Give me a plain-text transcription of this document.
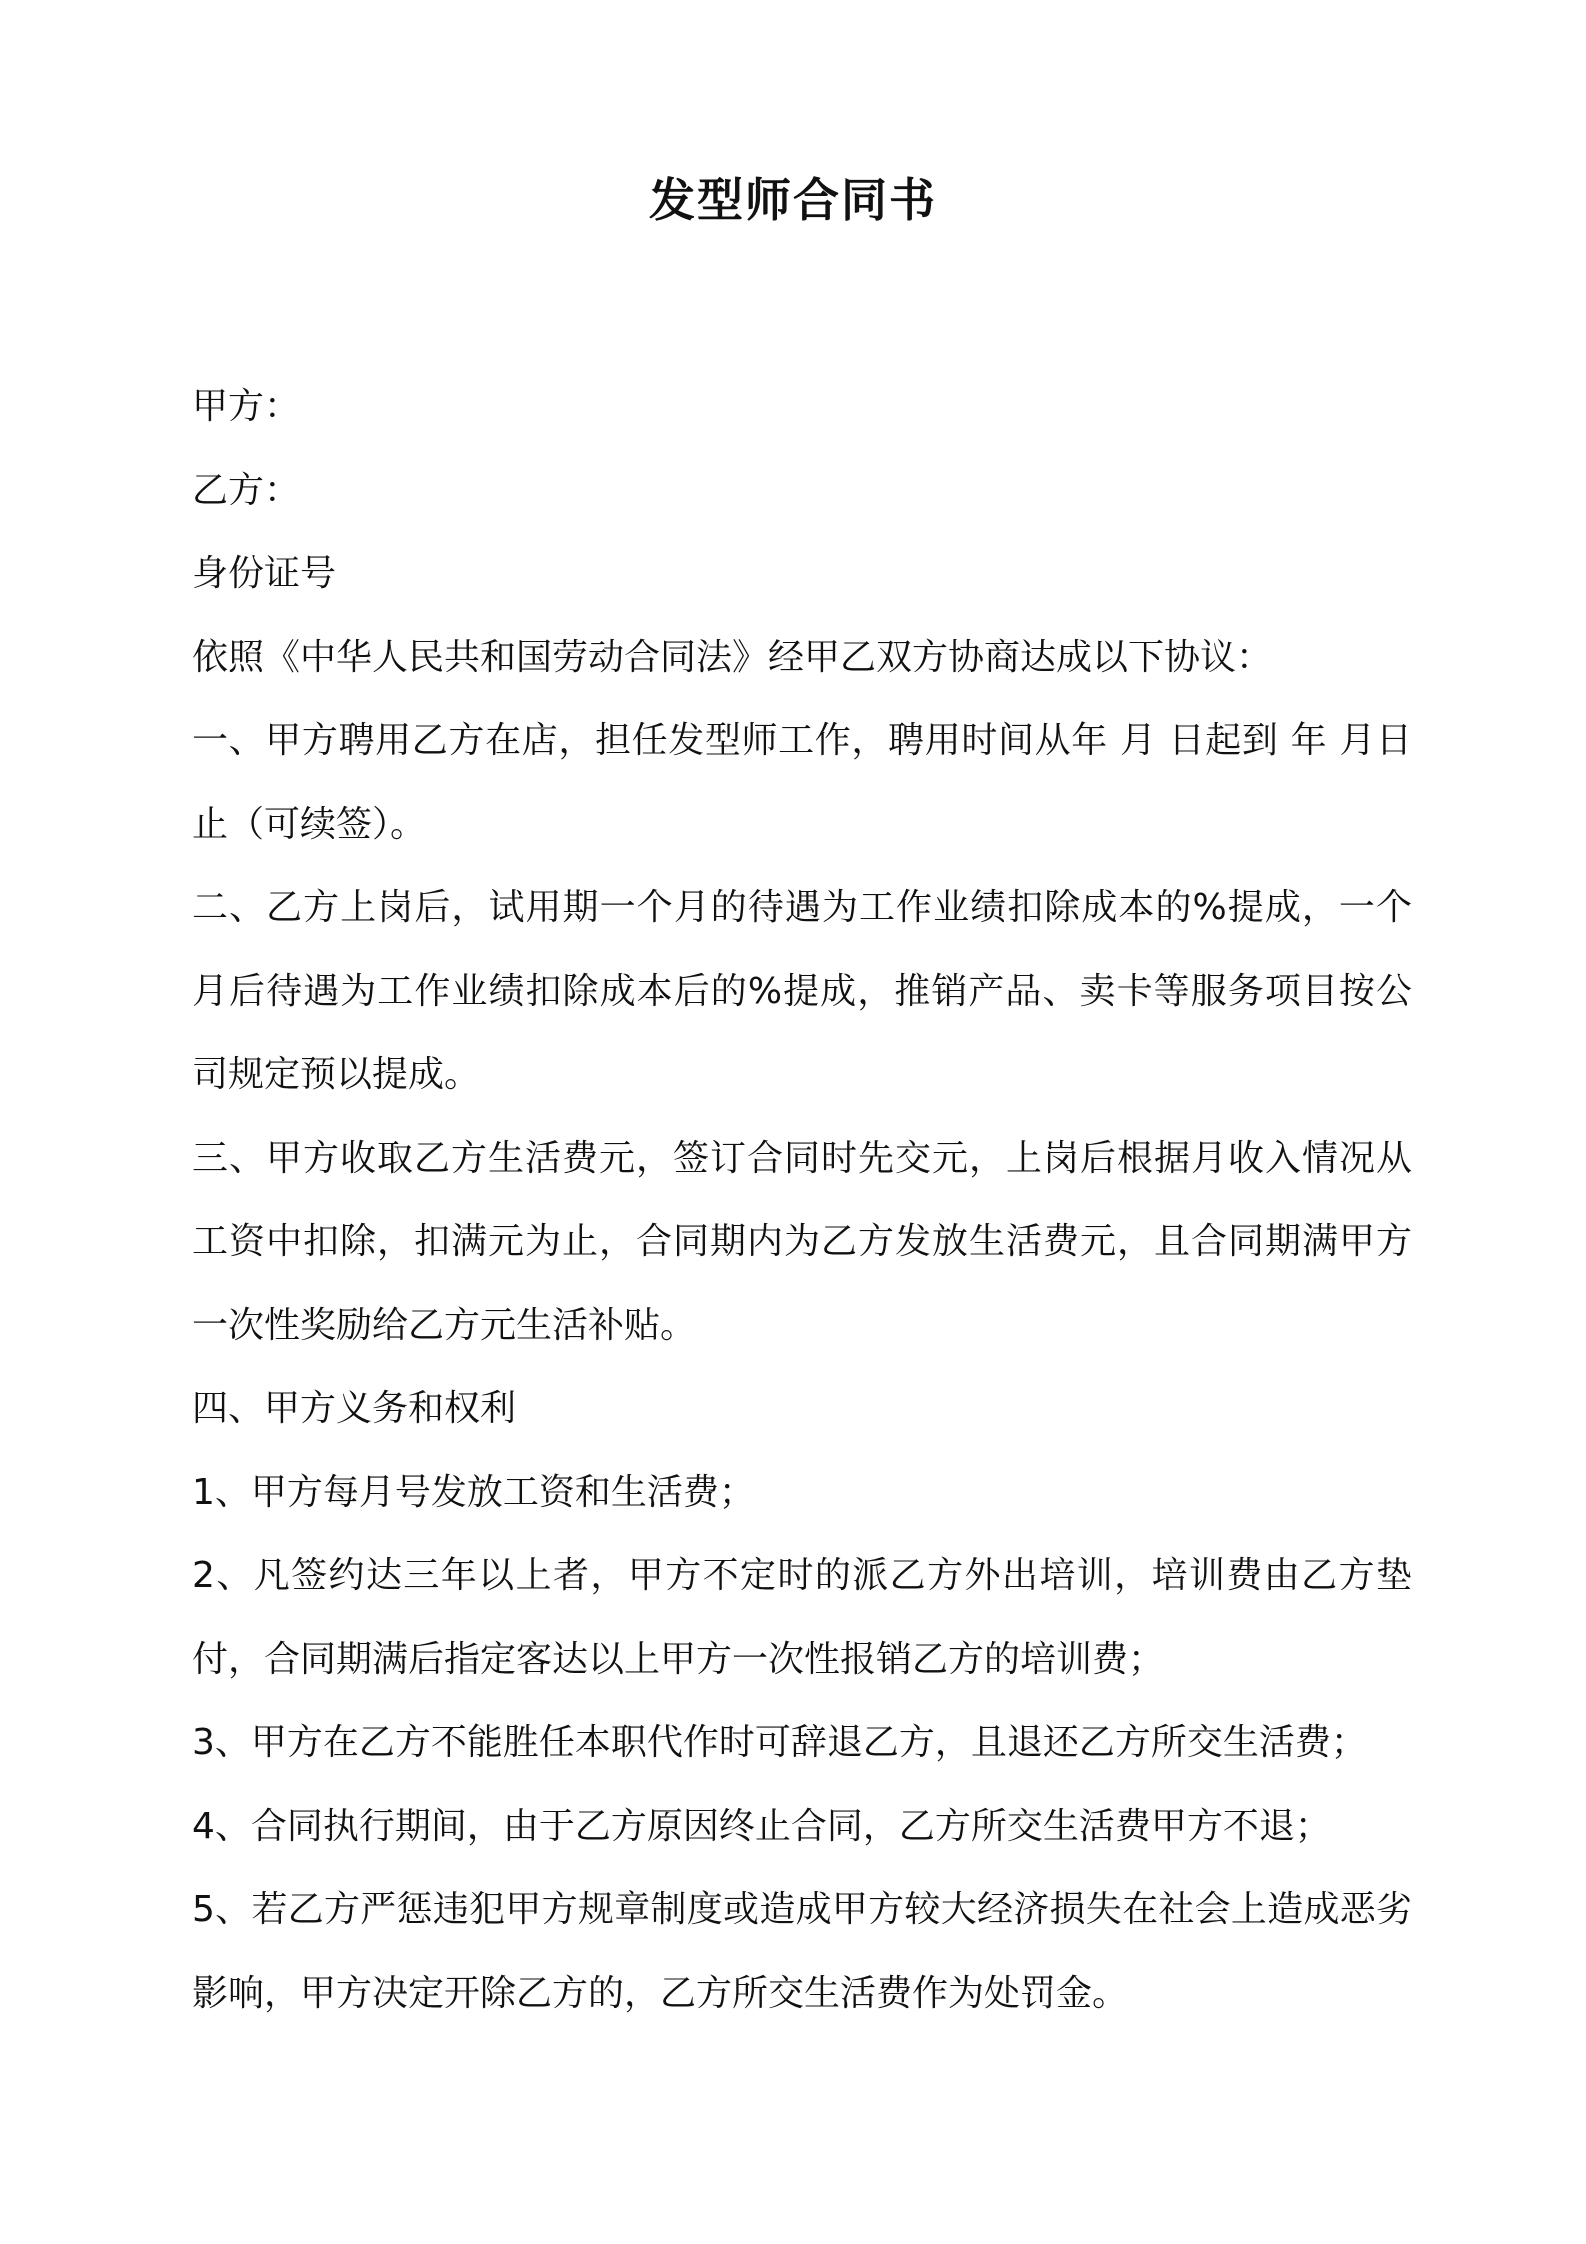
发型师合同书
甲方：
乙方：
身份证号
依照《中华人民共和国劳动合同法》经甲乙双方协商达成以下协议：
一、甲方聘用乙方在店，担任发型师工作，聘用时间从年 月 日起到 年 月日止（可续签）。
二、乙方上岗后，试用期一个月的待遇为工作业绩扣除成本的%提成，一个月后待遇为工作业绩扣除成本后的%提成，推销产品、卖卡等服务项目按公司规定预以提成。
三、甲方收取乙方生活费元，签订合同时先交元，上岗后根据月收入情况从工资中扣除，扣满元为止，合同期内为乙方发放生活费元，且合同期满甲方一次性奖励给乙方元生活补贴。
四、甲方义务和权利
1、甲方每月号发放工资和生活费；
2、凡签约达三年以上者，甲方不定时的派乙方外出培训，培训费由乙方垫付，合同期满后指定客达以上甲方一次性报销乙方的培训费；
3、甲方在乙方不能胜任本职代作时可辞退乙方，且退还乙方所交生活费；
4、合同执行期间，由于乙方原因终止合同，乙方所交生活费甲方不退；
5、若乙方严惩违犯甲方规章制度或造成甲方较大经济损失在社会上造成恶劣影响，甲方决定开除乙方的，乙方所交生活费作为处罚金。
